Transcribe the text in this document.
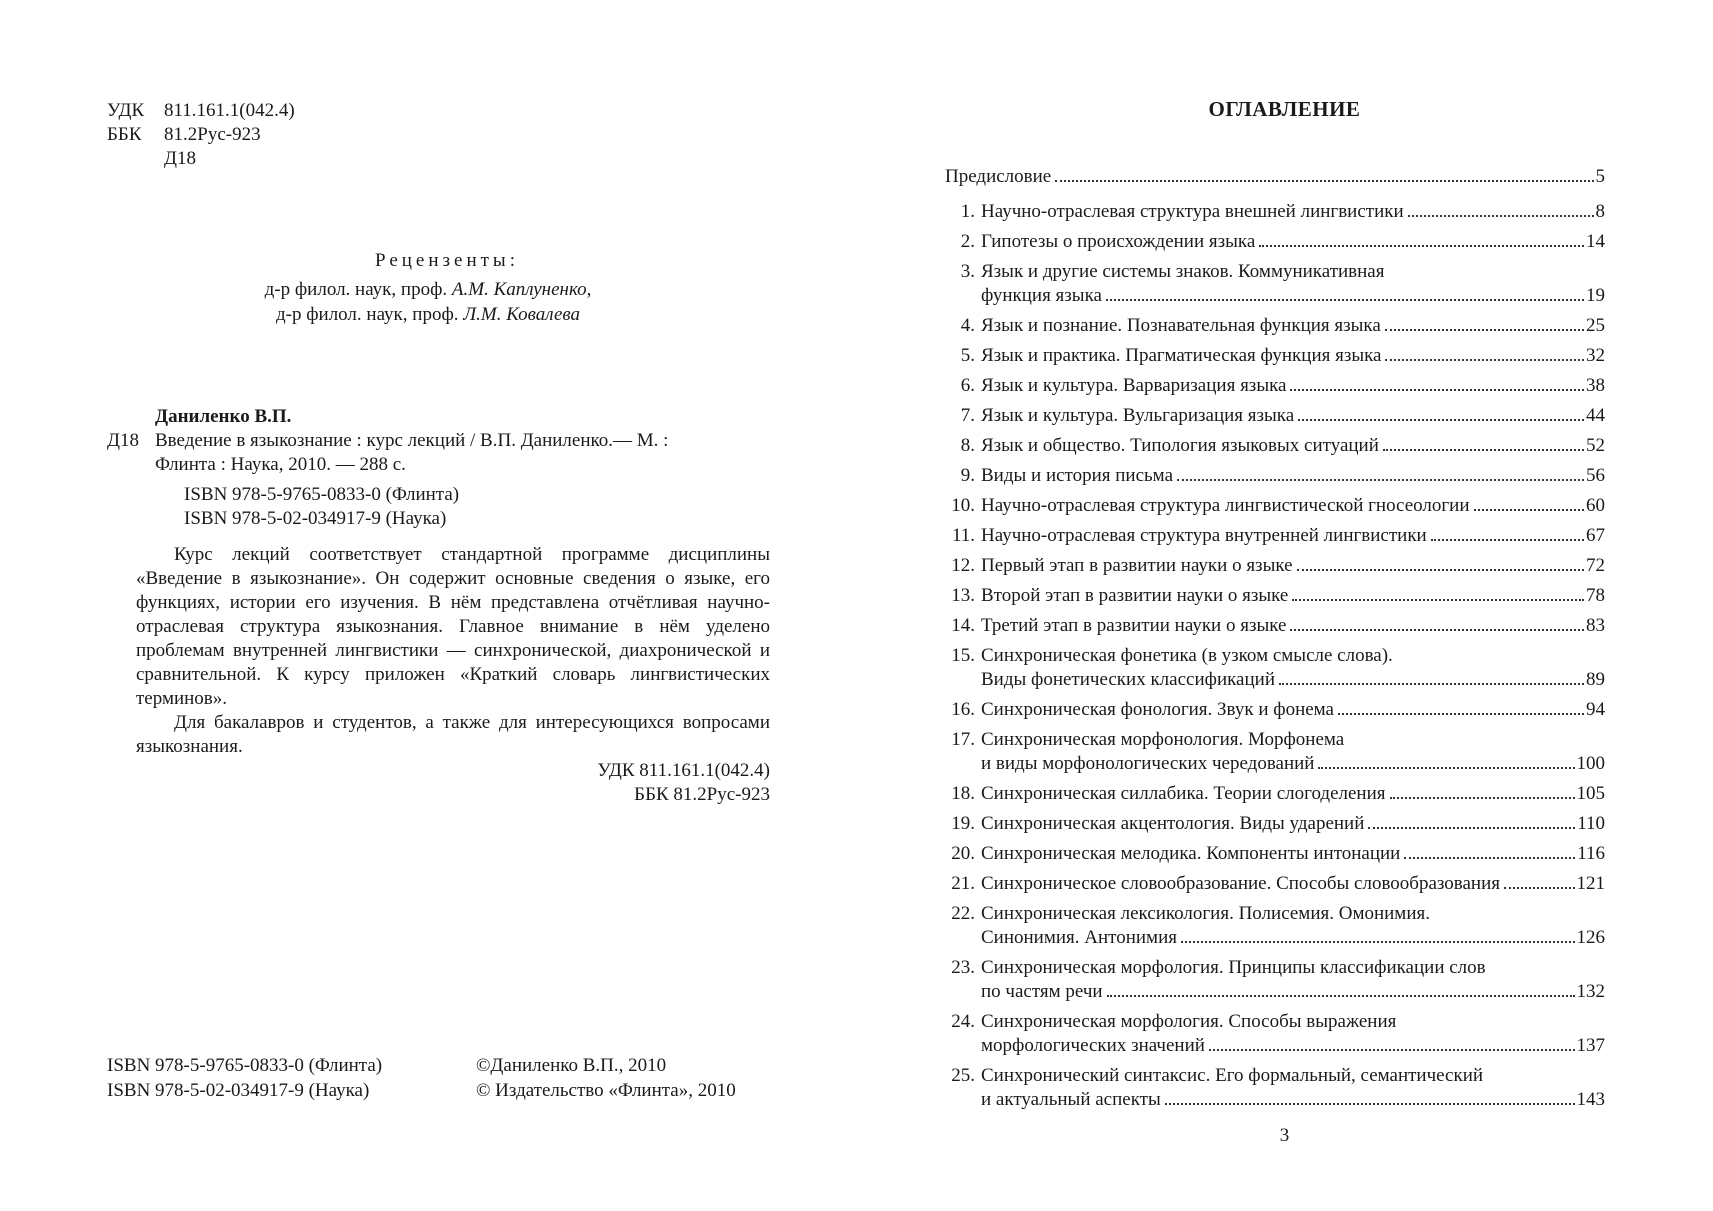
УДК 811.161.1(042.4)
ББК 81.2Рус-923
Д18
Рецензенты:
д-р филол. наук, проф. А.М. Каплуненко,
д-р филол. наук, проф. Л.М. Ковалева
Даниленко В.П.
Д18 Введение в языкознание : курс лекций / В.П. Даниленко.— М. :
Флинта : Наука, 2010. — 288 с.
ISBN 978-5-9765-0833-0 (Флинта)
ISBN 978-5-02-034917-9 (Наука)

Курс лекций соответствует стандартной программе дисциплины «Введение в языкознание». Он содержит основные сведения о языке, его функциях, истории его изучения. В нём представлена отчётливая научно-отраслевая структура языкознания. Главное внимание в нём уделено проблемам внутренней лингвистики — синхронической, диахронической и сравнительной. К курсу приложен «Краткий словарь лингвистических терминов».

Для бакалавров и студентов, а также для интересующихся вопросами языкознания.

УДК 811.161.1(042.4)
ББК 81.2Рус-923
ISBN 978-5-9765-0833-0 (Флинта)
ISBN 978-5-02-034917-9 (Наука)
©Даниленко В.П., 2010
© Издательство «Флинта», 2010
ОГЛАВЛЕНИЕ
Предисловие	5
1. Научно-отраслевая структура внешней лингвистики	8
2. Гипотезы о происхождении языка	14
3. Язык и другие системы знаков. Коммуникативная
функция языка	19
4. Язык и познание. Познавательная функция языка	25
5. Язык и практика. Прагматическая функция языка	32
6. Язык и культура. Варваризация языка	38
7. Язык и культура. Вульгаризация языка	44
8. Язык и общество. Типология языковых ситуаций	52
9. Виды и история письма	56
10. Научно-отраслевая структура лингвистической гносеологии	60
11. Научно-отраслевая структура внутренней лингвистики	67
12. Первый этап в развитии науки о языке	72
13. Второй этап в развитии науки о языке	78
14. Третий этап в развитии науки о языке	83
15. Синхроническая фонетика (в узком смысле слова).
Виды фонетических классификаций	89
16. Синхроническая фонология. Звук и фонема	94
17. Синхроническая морфонология. Морфонема
и виды морфонологических чередований	100
18. Синхроническая силлабика. Теории слогоделения	105
19. Синхроническая акцентология. Виды ударений	110
20. Синхроническая мелодика. Компоненты интонации	116
21. Синхроническое словообразование. Способы словообразования	121
22. Синхроническая лексикология. Полисемия. Омонимия.
Синонимия. Антонимия	126
23. Синхроническая морфология. Принципы классификации слов
по частям речи	132
24. Синхроническая морфология. Способы выражения
морфологических значений	137
25. Синхронический синтаксис. Его формальный, семантический
и актуальный аспекты	143
3
